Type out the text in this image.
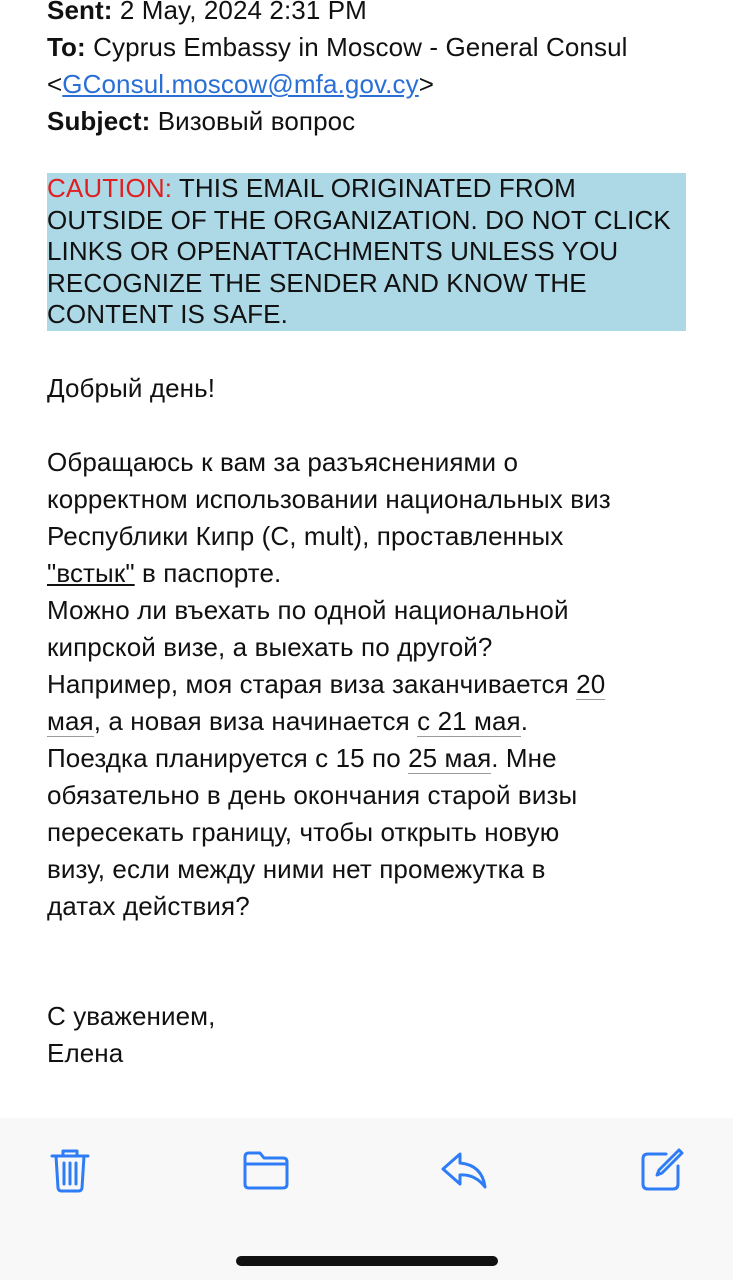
Sent: 2 May, 2024 2:31 PM
To: Cyprus Embassy in Moscow - General Consul
<GConsul.moscow@mfa.gov.cy>
Subject: Визовый вопрос
CAUTION: THIS EMAIL ORIGINATED FROM
OUTSIDE OF THE ORGANIZATION. DO NOT CLICK
LINKS OR OPENATTACHMENTS UNLESS YOU
RECOGNIZE THE SENDER AND KNOW THE
CONTENT IS SAFE.
Добрый день!
Обращаюсь к вам за разъяснениями о
корректном использовании национальных виз
Республики Кипр (C, mult), проставленных
"встык" в паспорте.
Можно ли въехать по одной национальной
кипрской визе, а выехать по другой?
Например, моя старая виза заканчивается 20
мая, а новая виза начинается с 21 мая.
Поездка планируется с 15 по 25 мая. Мне
обязательно в день окончания старой визы
пересекать границу, чтобы открыть новую
визу, если между ними нет промежутка в
датах действия?
С уважением,
Елена
